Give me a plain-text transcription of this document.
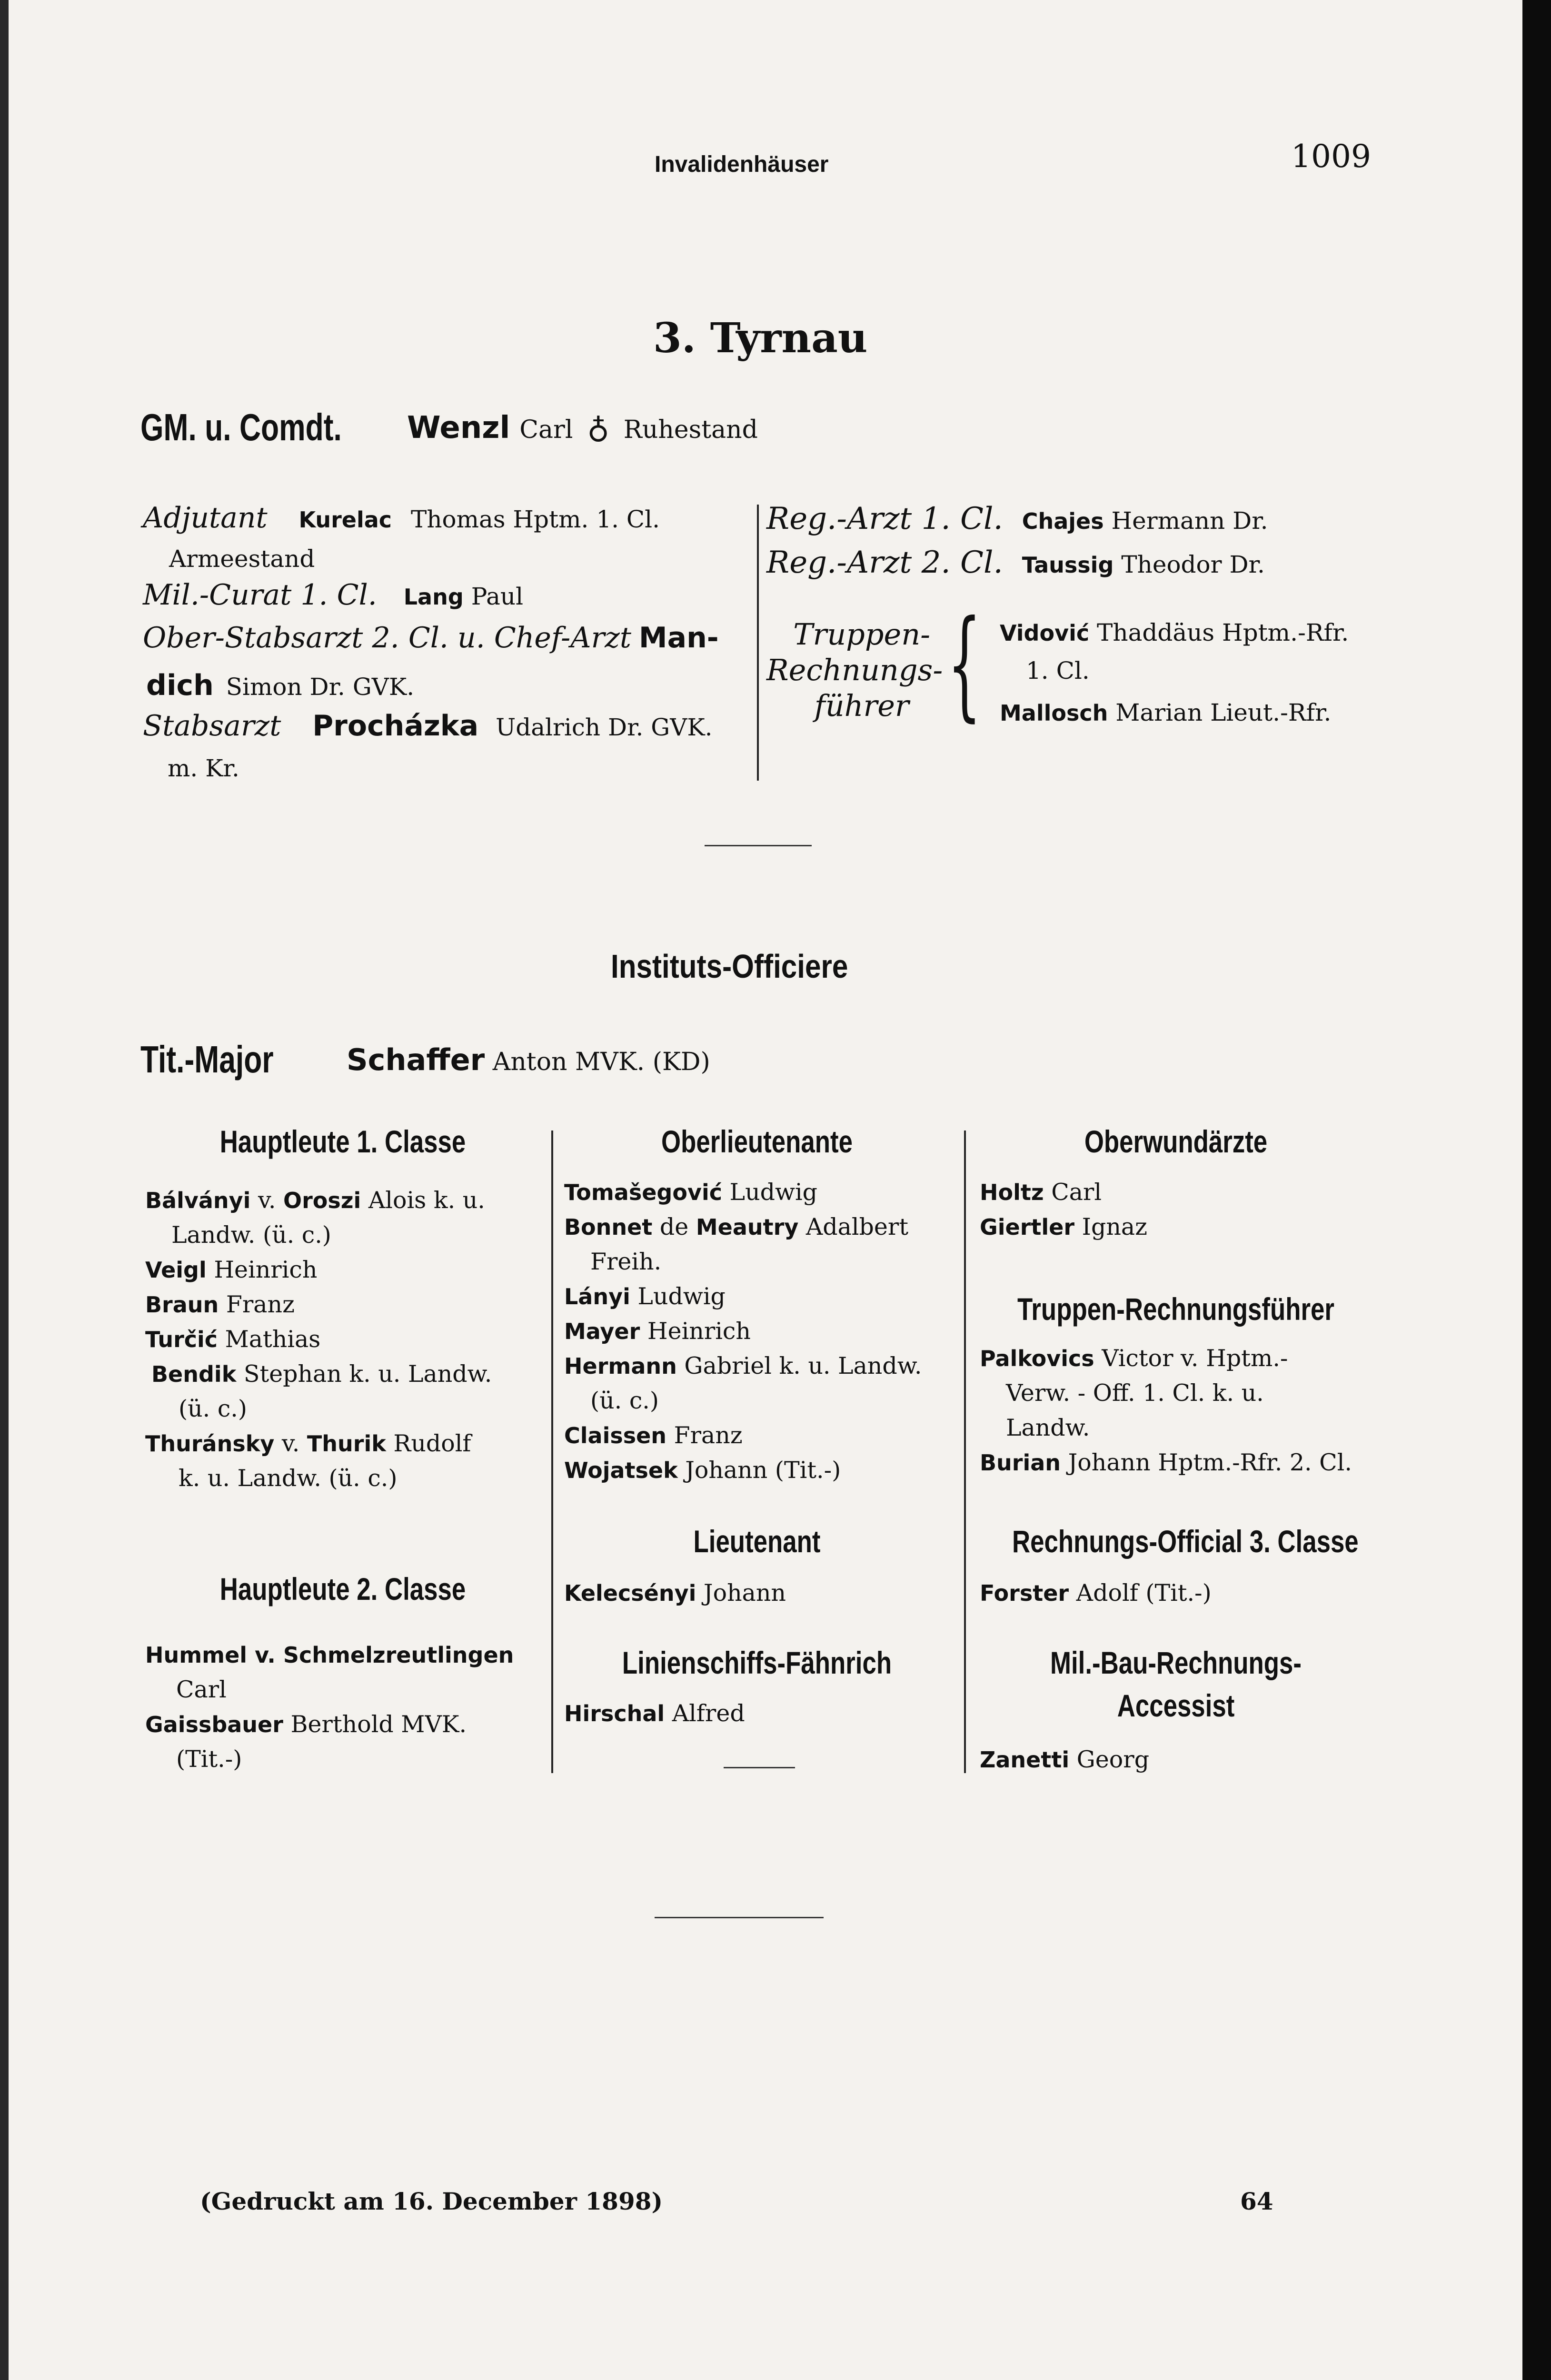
Invalidenhäuser	1009
3. Tyrnau
GM. u. Comdt.	Wenzl Carl ♁ Ruhestand
Adjutant Kurelac Thomas Hptm. 1. Cl.
Armeestand
Mil.-Curat 1. Cl. Lang Paul
Ober-Stabsarzt 2. Cl. u. Chef-Arzt Man-
dich Simon Dr. GVK.
Stabsarzt Procházka Udalrich Dr. GVK.
m. Kr.
Reg.-Arzt 1. Cl. Chajes Hermann Dr.
Reg.-Arzt 2. Cl. Taussig Theodor Dr.
Truppen-
Rechnungs-
führer { Vidović Thaddäus Hptm.-Rfr.
1. Cl.
Mallosch Marian Lieut.-Rfr.
Instituts-Officiere
Tit.-Major Schaffer Anton MVK. (KD)
Hauptleute 1. Classe
Bálványi v. Oroszi Alois k. u.
Landw. (ü. c.)
Veigl Heinrich
Braun Franz
Turčić Mathias
Bendik Stephan k. u. Landw.
(ü. c.)
Thuránsky v. Thurik Rudolf
k. u. Landw. (ü. c.)
Hauptleute 2. Classe
Hummel v. Schmelzreutlingen
Carl
Gaissbauer Berthold MVK.
(Tit.-)
Oberlieutenante
Tomašegović Ludwig
Bonnet de Meautry Adalbert
Freih.
Lányi Ludwig
Mayer Heinrich
Hermann Gabriel k. u. Landw.
(ü. c.)
Claissen Franz
Wojatsek Johann (Tit.-)
Lieutenant
Kelecsényi Johann
Linienschiffs-Fähnrich
Hirschal Alfred
Oberwundärzte
Holtz Carl
Giertler Ignaz
Truppen-Rechnungsführer
Palkovics Victor v. Hptm.-
Verw. - Off. 1. Cl. k. u.
Landw.
Burian Johann Hptm.-Rfr. 2. Cl.
Rechnungs-Official 3. Classe
Forster Adolf (Tit.-)
Mil.-Bau-Rechnungs-
Accessist
Zanetti Georg
(Gedruckt am 16. December 1898)	64
